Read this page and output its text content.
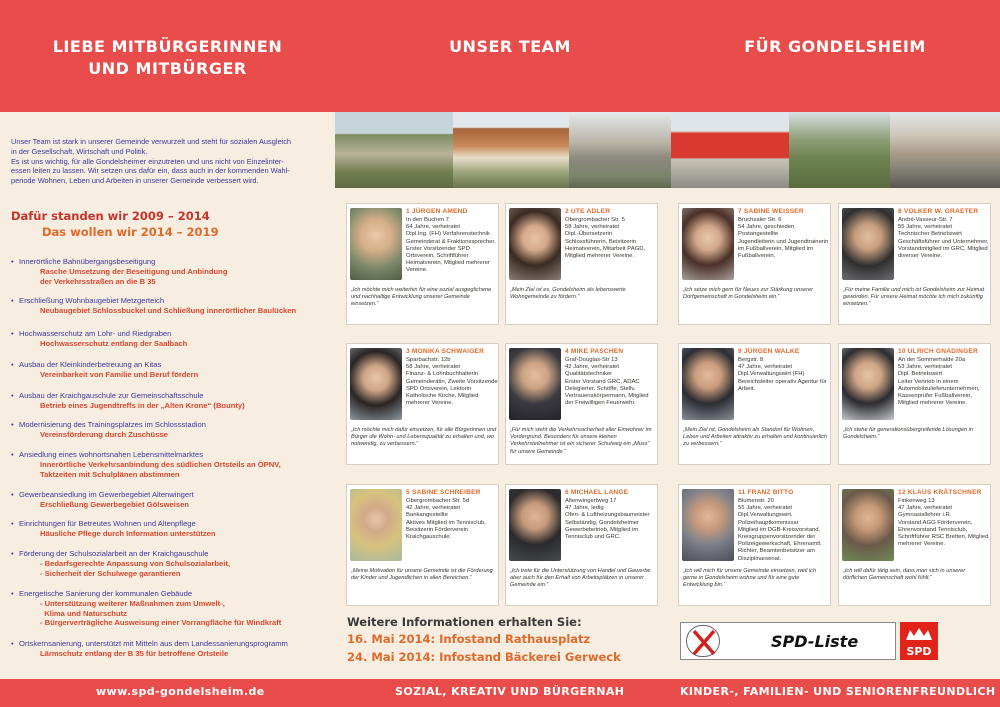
LIEBE MITBÜRGERINNEN
UND MITBÜRGER
UNSER TEAM	FÜR GONDELSHEIM
Unser Team ist stark in unserer Gemeinde verwurzelt und steht für sozialen Ausgleich
in der Gesellschaft, Wirtschaft und Politik.
Es ist uns wichtig, für alle Gondelsheimer einzutreten und uns nicht von Einzelinter-
essen leiten zu lassen. Wir setzen uns dafür ein, dass auch in der kommenden Wahl-
periode Wohnen, Leben und Arbeiten in unserer Gemeinde verbessert wird.
Dafür standen wir 2009 – 2014
Das wollen wir 2014 – 2019
• Innerörtliche Bahnübergangsbeseitigung
Rasche Umsetzung der Beseitigung und Anbindung
der Verkehrsstraßen an die B 35
• Erschließung Wohnbaugebiet Metzgerteich
Neubaugebiet Schlossbuckel und Schließung innerörtlicher Baulücken
• Hochwasserschutz am Lohr- und Riedgraben
Hochwasserschutz entlang der Saalbach
• Ausbau der Kleinkinderbetreuung an Kitas
Vereinbarkeit von Familie und Beruf fördern
• Ausbau der Kraichgauschule zur Gemeinschaftsschule
Betrieb eines Jugendtreffs in der „Alten Krone“ (Bounty)
• Modernisierung des Trainingsplatzes im Schlossstadion
Vereinsförderung durch Zuschüsse
• Ansiedlung eines wohnortsnahen Lebensmittelmarktes
Innerörtliche Verkehrsanbindung des südlichen Ortsteils an ÖPNV,
Taktzeiten mit Schulplänen abstimmen
• Gewerbeansiedlung im Gewerbegebiet Altenwingert
Erschließung Gewerbegebiet Gölsweisen
• Einrichtungen für Betreutes Wohnen und Altenpflege
Häusliche Pflege durch Information unterstützen
• Förderung der Schulsozialarbeit an der Kraichgauschule
- Bedarfsgerechte Anpassung von Schulsozialarbeit,
- Sicherheit der Schulwege garantieren
• Energetische Sanierung der kommunalen Gebäude
- Unterstützung weiterer Maßnahmen zum Umwelt-,
Klima und Naturschutz
- Bürgerverträgliche Ausweisung einer Vorrangfläche für Windkraft
• Ortskernsanierung, unterstützt mit Mitteln aus dem Landessanierungsprogramm
Lärmschutz entlang der B 35 für betroffene Ortsteile
1 JÜRGEN AMEND
In den Buchen 7
64 Jahre, verheiratet
Dipl.Ing. (FH) Verfahrenstechnik
Gemeinderat & Fraktionssprecher, Erster Vorsitzender SPD Ortsverein, Schriftführer Heimatverein, Mitglied mehrerer Vereine.
„Ich möchte mich weiterhin für eine sozial ausgeglichene und nachhaltige Entwicklung unserer Gemeinde einsetzen.“
2 UTE ADLER
Obergrombacher Str. 5
58 Jahre, verheiratet
Dipl.-Übersetzerin
Schlossführerin, Beisitzerin Heimatverein, Mitarbeit PAGD, Mitglied mehrerer Vereine.
„Mein Ziel ist es, Gondelsheim als lebenswerte Wohngemeinde zu fördern.“
7 SABINE WEISSER
Bruchsaler Str. 6
54 Jahre, geschieden
Postangestellte
Jugendleiterin und Jugendtrainerin im Fußballverein, Mitglied im Fußballverein.
„Ich setze mich gern für Neues zur Stärkung unserer Dorfgemeinschaft in Gondelsheim ein.“
8 VOLKER W. GRAETER
André-Vasseur-Str. 7
55 Jahre, verheiratet
Technischer Betriebswirt
Geschäftsführer und Unternehmer, Vorstandmitglied im GRC, Mitglied diverser Vereine.
„Für meine Familie und mich ist Gondelsheim zur Heimat geworden. Für unsere Heimat möchte ich mich zukünftig einsetzen.“
3 MONIKA SCHWAIGER
Sparbachstr. 12b
58 Jahre, verheiratet
Finanz- & Lohnbuchhalterin
Gemeinderätin, Zweite Vorsitzende SPD Ortsverein, Lektorin Katholische Kirche, Mitglied mehrerer Vereine.
„Ich möchte mich dafür einsetzen, für alle Bürgerinnen und Bürger die Wohn- und Lebensqualität zu erhalten und, wo notwendig, zu verbessern.“
4 MIKE PASCHEN
Graf-Douglas-Str 13
42 Jahre, verheiratet
Qualitätstechniker
Erster Vorstand GRC, ADAC Delegierter, Schöffe, Stellv. Vertrauenskörpermann, Mitglied der Freiwilligen Feuerwehr.
„Für mich steht die Verkehrssicherheit aller Einwohner im Vordergrund. Besonders für unsere kleinen Verkehrsteilnehmer ist ein sicherer Schulweg ein „Muss“ für unsere Gemeinde.“
9 JÜRGEN WALKE
Bergstr. 8
47 Jahre, verheiratet
Dipl.Verwaltungswirt (FH)
Bereichsleiter operativ Agentur für Arbeit.
„Mein Ziel ist, Gondelsheim als Standort für Wohnen, Leben und Arbeiten attraktiv zu erhalten und kontinuierlich zu verbessern.“
10 ULRICH GNÄDINGER
An der Sommerhalde 20a
53 Jahre, verheiratet
Dipl. Betriebswirt
Leiter Vertrieb in einem Automobilzulieferunternehmen, Kassenprüfer Fußballverein, Mitglied mehrerer Vereine.
„Ich stehe für generationsübergreifende Lösungen in Gondelsheim.“
5 SABINE SCHREIBER
Obergrombacher Str. 5d
42 Jahre, verheiratet
Bankangestellte
Aktives Mitglied im Tennisclub, Beisitzerin Förderverein Kraichgauschule.
„Meine Motivation für unsere Gemeinde ist die Förderung der Kinder und Jugendlichen in allen Bereichen.“
6 MICHAEL LANGE
Altenwingertweg 17
47 Jahre, ledig
Ofen- & Luftheizungsbaumeister
Selbständig, Gondelsheimer Gewerbebetrieb, Mitglied im Tennisclub und GRC.
„Ich trete für die Unterstützung von Handel und Gewerbe aber auch für den Erhalt von Arbeitsplätzen in unserer Gemeinde ein.“
11 FRANZ BITTO
Blumenstr. 20
55 Jahre, verheiratet
Dipl.Verwaltungswirt, Polizeihauptkommissar
Mitglied im DGB-Kreisvorstand, Kreisgruppenvorsitzender der Polizeigewerkschaft, Ehrenamtl. Richter, Beamtenbeisitzer am Disziplinarsenat.
„Ich will mich für unsere Gemeinde einsetzen, weil ich gerne in Gondelsheim wohne und für eine gute Entwicklung bin.“
12 KLAUS KRÄTSCHNER
Finkenweg 13
47 Jahre, verheiratet
Gymnasiallehrer i.R.
Vorstand AGG Förderverein, Ehrenvorstand Tennisclub, Schriftführer RSC Bretten, Mitglied mehrerer Vereine.
„Ich will dafür tätig sein, dass man sich in unserer dörflichen Gemeinschaft wohl fühlt.“
Weitere Informationen erhalten Sie:
16. Mai 2014: Infostand Rathausplatz
24. Mai 2014: Infostand Bäckerei Gerweck
SPD-Liste
SPD
www.spd-gondelsheim.de	SOZIAL, KREATIV UND BÜRGERNAH	KINDER-, FAMILIEN- UND SENIORENFREUNDLICH
